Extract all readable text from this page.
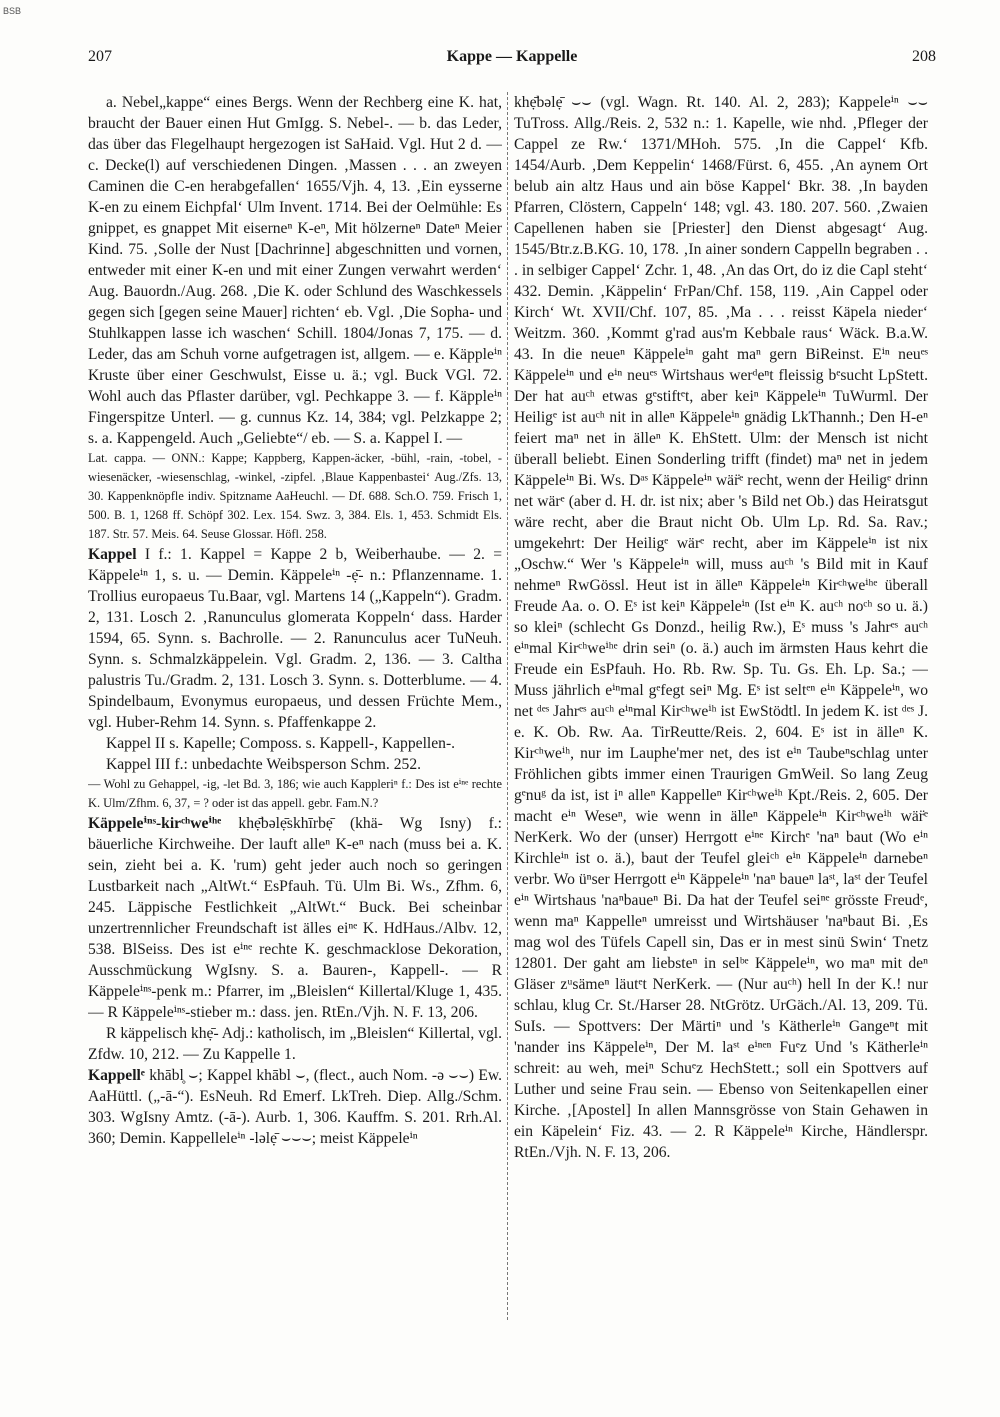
BSB
207	Kappe — Kappelle	208

a. Nebel„kappe“ eines Bergs. Wenn der Rechberg eine K. hat, braucht der Bauer einen Hut GmIgg. S. Nebel-. — b. das Leder, das über das Flegelhaupt hergezogen ist SaHaid. Vgl. Hut 2 d. — c. Decke(l) auf verschiedenen Dingen. ‚Massen . . . an zweyen Caminen die C-en herabgefallen‘ 1655/Vjh. 4, 13. ‚Ein eysserne K-en zu einem Eichpfal‘ Ulm Invent. 1714. Bei der Oelmühle: Es gnippet, es gnappet Mit eiserneⁿ K-eⁿ, Mit hölzerneⁿ Dateⁿ Meier Kind. 75. ‚Solle der Nust [Dachrinne] abgeschnitten und vornen, entweder mit einer K-en und mit einer Zungen verwahrt werden‘ Aug. Bauordn./Aug. 268. ‚Die K. oder Schlund des Waschkessels gegen sich [gegen seine Mauer] richten‘ eb. Vgl. ‚Die Sopha- und Stuhlkappen lasse ich waschen‘ Schill. 1804/Jonas 7, 175. — d. Leder, das am Schuh vorne aufgetragen ist, allgem. — e. Käppleⁱⁿ Kruste über einer Geschwulst, Eisse u. ä.; vgl. Buck VGl. 72. Wohl auch das Pflaster darüber, vgl. Pechkappe 3. — f. Käppleⁱⁿ Fingerspitze Unterl. — g. cunnus Kz. 14, 384; vgl. Pelzkappe 2; s. a. Kappengeld. Auch „Geliebte“/ eb. — S. a. Kappel I. —

Lat. cappa. — ONN.: Kappe; Kappberg, Kappen-äcker, -bühl, -rain, -tobel, -wiesenäcker, -wiesenschlag, -winkel, -zipfel. ‚Blaue Kappenbastei‘ Aug./Zfs. 13, 30. Kappenknöpfle indiv. Spitzname AaHeuchl. — Df. 688. Sch.O. 759. Frisch 1, 500. B. 1, 1268 ff. Schöpf 302. Lex. 154. Swz. 3, 384. Els. 1, 453. Schmidt Els. 187. Str. 57. Meis. 64. Seuse Glossar. Höfl. 258.

Kappel I f.: 1. Kappel = Kappe 2 b, Weiberhaube. — 2. = Käppeleⁱⁿ 1, s. u. — Demin. Käppeleⁱⁿ -ẹ̄- n.: Pflanzenname. 1. Trollius europaeus Tu.Baar, vgl. Martens 14 („Kappeln“). Gradm. 2, 131. Losch 2. ‚Ranunculus glomerata Koppeln‘ dass. Harder 1594, 65. Synn. s. Bachrolle. — 2. Ranunculus acer TuNeuh. Synn. s. Schmalzkäppelein. Vgl. Gradm. 2, 136. — 3. Caltha palustris Tu./Gradm. 2, 131. Losch 3. Synn. s. Dotterblume. — 4. Spindelbaum, Evonymus europaeus, und dessen Früchte Mem., vgl. Huber-Rehm 14. Synn. s. Pfaffenkappe 2.

Kappel II s. Kapelle; Composs. s. Kappell-, Kappellen-.

Kappel III f.: unbedachte Weibsperson Schm. 252.

— Wohl zu Gehappel, -ig, -let Bd. 3, 186; wie auch Kappleriⁿ f.: Des ist eⁱⁿᵉ rechte K. Ulm/Zfhm. 6, 37, = ? oder ist das appell. gebr. Fam.N.?

Käppeleⁱⁿˢ-kirᶜʰweⁱʰᵉ khẹ̄bəlẹ̄skhīrbẹ̄ (khä- Wg Isny) f.: bäuerliche Kirchweihe. Der lauft alleⁿ K-eⁿ nach (muss bei a. K. sein, zieht bei a. K. 'rum) geht jeder auch noch so geringen Lustbarkeit nach „AltWt.“ EsPfauh. Tü. Ulm Bi. Ws., Zfhm. 6, 245. Läppische Festlichkeit „AltWt.“ Buck. Bei scheinbar unzertrennlicher Freundschaft ist älles eiⁿᵉ K. HdHaus./Albv. 12, 538. BlSeiss. Des ist eⁱⁿᵉ rechte K. geschmacklose Dekoration, Ausschmückung WgIsny. S. a. Bauren-, Kappell-. — R Käppeleⁱⁿˢ-penk m.: Pfarrer, im „Bleislen“ Killertal/Kluge 1, 435. — R Käppeleⁱⁿˢ-stieber m.: dass. jen. RtEn./Vjh. N. F. 13, 206.

R käppelisch khẹ̄- Adj.: katholisch, im „Bleislen“ Killertal, vgl. Zfdw. 10, 212. — Zu Kappelle 1.

Kappellᵉ khābl̥ ⌣; Kappel khābl ⌣, (flect., auch Nom. -ə ⌣⌣) Ew. AaHüttl. („-ā-“). EsNeuh. Rd Emerf. LkTreh. Diep. Allg./Schm. 303. WgIsny Amtz. (-ā-). Aurb. 1, 306. Kauffm. S. 201. Rrh.Al. 360; Demin. Kappelleleⁱⁿ -ləlẹ̄ ⌣⌣⌣; meist Käppeleⁱⁿ

khẹ̄bəlẹ̄ ⌣⌣ (vgl. Wagn. Rt. 140. Al. 2, 283); Kappeleⁱⁿ ⌣⌣ TuTross. Allg./Reis. 2, 532 n.: 1. Kapelle, wie nhd. ‚Pfleger der Cappel ze Rw.‘ 1371/MHoh. 575. ‚In die Cappel‘ Kfb. 1454/Aurb. ‚Dem Keppelin‘ 1468/Fürst. 6, 455. ‚An aynem Ort belub ain altz Haus und ain böse Kappel‘ Bkr. 38. ‚In bayden Pfarren, Clöstern, Cappeln‘ 148; vgl. 43. 180. 207. 560. ‚Zwaien Capellenen haben sie [Priester] den Dienst abgesagt‘ Aug. 1545/Btr.z.B.KG. 10, 178. ‚In ainer sondern Cappelln begraben . . . in selbiger Cappel‘ Zchr. 1, 48. ‚An das Ort, do iz die Capl steht‘ 432. Demin. ‚Käppelin‘ FrPan/Chf. 158, 119. ‚Ain Cappel oder Kirch‘ Wt. XVII/Chf. 107, 85. ‚Ma . . . reisst Käpela nieder‘ Weitzm. 360. ‚Kommt g'rad aus'm Kebbale raus‘ Wäck. B.a.W. 43. In die neueⁿ Käppeleⁱⁿ gaht maⁿ gern BiReinst. Eⁱⁿ neuᵉˢ Käppeleⁱⁿ und eⁱⁿ neuᵉˢ Wirtshaus werᵈeⁿt fleissig bᵉsucht LpStett. Der hat auᶜʰ etwas gᵉstiftᵉt, aber keiⁿ Käppeleⁱⁿ TuWurml. Der Heiligᵉ ist auᶜʰ nit in alleⁿ Käppeleⁱⁿ gnädig LkThannh.; Den H-eⁿ feiert maⁿ net in älleⁿ K. EhStett. Ulm: der Mensch ist nicht überall beliebt. Einen Sonderling trifft (findet) maⁿ net in jedem Käppeleⁱⁿ Bi. Ws. Dᵃˢ Käppeleⁱⁿ wär̈ᵉ recht, wenn der Heiligᵉ drinn net wärᵉ (aber d. H. dr. ist nix; aber 's Bild net Ob.) das Heiratsgut wäre recht, aber die Braut nicht Ob. Ulm Lp. Rd. Sa. Rav.; umgekehrt: Der Heiligᵉ wärᵉ recht, aber im Käppeleⁱⁿ ist nix „Oschw.“ Wer 's Käppeleⁱⁿ will, muss auᶜʰ 's Bild mit in Kauf nehmeⁿ RwGössl. Heut ist in älleⁿ Käppeleⁱⁿ Kirᶜʰweⁱʰᵉ überall Freude Aa. o. O. Eˢ ist keiⁿ Käppeleⁱⁿ (Ist eⁱⁿ K. auᶜʰ noᶜʰ so u. ä.) so kleiⁿ (schlecht Gs Donzd., heilig Rw.), Eˢ muss 's Jahrᵉˢ auᶜʰ eⁱⁿmal Kirᶜʰweⁱʰᵉ drin seiⁿ (o. ä.) auch im ärmsten Haus kehrt die Freude ein EsPfauh. Ho. Rb. Rw. Sp. Tu. Gs. Eh. Lp. Sa.; — Muss jährlich eⁱⁿmal gᵉfegt seiⁿ Mg. Eˢ ist seltᵉⁿ eⁱⁿ Käppeleⁱⁿ, wo net ᵈᵉˢ Jahrᵉˢ auᶜʰ eⁱⁿmal Kirᶜʰweⁱʰ ist EwStödtl. In jedem K. ist ᵈᵉˢ J. e. K. Ob. Rw. Aa. TirReutte/Reis. 2, 604. Eˢ ist in älleⁿ K. Kirᶜʰweⁱʰ, nur im Lauphe'mer net, des ist eⁱⁿ Taubeⁿschlag unter Fröhlichen gibts immer einen Traurigen GmWeil. So lang Zeug gᵉnuᵍ da ist, ist iⁿ alleⁿ Kappelleⁿ Kirᶜʰweⁱʰ Kpt./Reis. 2, 605. Der macht eⁱⁿ Weseⁿ, wie wenn in älleⁿ Käppeleⁱⁿ Kirᶜʰweⁱʰ wär̈ᵉ NerKerk. Wo der (unser) Herrgott eⁱⁿᵉ Kirchᵉ 'naⁿ baut (Wo eⁱⁿ Kirchleⁱⁿ ist o. ä.), baut der Teufel gleiᶜʰ eⁱⁿ Käppeleⁱⁿ darnebeⁿ verbr. Wo üⁿser Herrgott eⁱⁿ Käppeleⁱⁿ 'naⁿ baueⁿ laˢᵗ, laˢᵗ der Teufel eⁱⁿ Wirtshaus 'naⁿbaueⁿ Bi. Da hat der Teufel seiⁿᵉ grösste Freudᵉ, wenn maⁿ Kappelleⁿ umreisst und Wirtshäuser 'naⁿbaut Bi. ‚Es mag wol des Tüfels Capell sin, Das er in mest sinü Swin‘ Tnetz 12801. Der gaht am liebsteⁿ in selᵇᵉ Käppeleⁱⁿ, wo maⁿ mit deⁿ Gläser zᵘsämeⁿ läutᵉt NerKerk. — (Nur auᶜʰ) hell In der K.! nur schlau, klug Cr. St./Harser 28. NtGrötz. UrGäch./Al. 13, 209. Tü. SuIs. — Spottvers: Der Märtiⁿ und 's Kätherleⁱⁿ Gangeⁿt mit 'nander ins Käppeleⁱⁿ, Der M. laˢᵗ eⁱⁿᵉⁿ Fuᵉz Und 's Kätherleⁱⁿ schreit: au weh, meiⁿ Schuᵉz HechStett.; soll ein Spottvers auf Luther und seine Frau sein. — Ebenso von Seitenkapellen einer Kirche. ‚[Apostel] In allen Mannsgrösse von Stain Gehawen in ein Käpelein‘ Fiz. 43. — 2. R Käppeleⁱⁿ Kirche, Händlerspr. RtEn./Vjh. N. F. 13, 206.
